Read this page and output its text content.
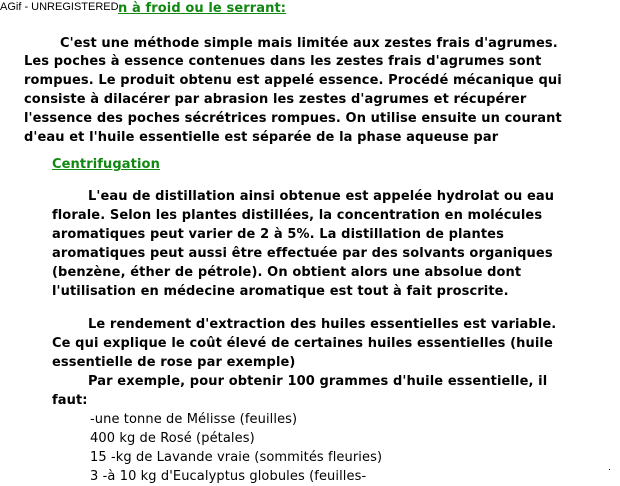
AGif - UNREGISTERED n à froid ou le serrant:
C'est une méthode simple mais limitée aux zestes frais d'agrumes.
Les poches à essence contenues dans les zestes frais d'agrumes sont
rompues. Le produit obtenu est appelé essence. Procédé mécanique qui
consiste à dilacérer par abrasion les zestes d'agrumes et récupérer
l'essence des poches sécrétrices rompues. On utilise ensuite un courant
d'eau et l'huile essentielle est séparée de la phase aqueuse par
Centrifugation
L'eau de distillation ainsi obtenue est appelée hydrolat ou eau
florale. Selon les plantes distillées, la concentration en molécules
aromatiques peut varier de 2 à 5%. La distillation de plantes
aromatiques peut aussi être effectuée par des solvants organiques
(benzène, éther de pétrole). On obtient alors une absolue dont
l'utilisation en médecine aromatique est tout à fait proscrite.
Le rendement d'extraction des huiles essentielles est variable.
Ce qui explique le coût élevé de certaines huiles essentielles (huile
essentielle de rose par exemple)
Par exemple, pour obtenir 100 grammes d'huile essentielle, il
faut:
-une tonne de Mélisse (feuilles)
400 kg de Rosé (pétales)
15 -kg de Lavande vraie (sommités fleuries)
3 -à 10 kg d'Eucalyptus globules (feuilles-
